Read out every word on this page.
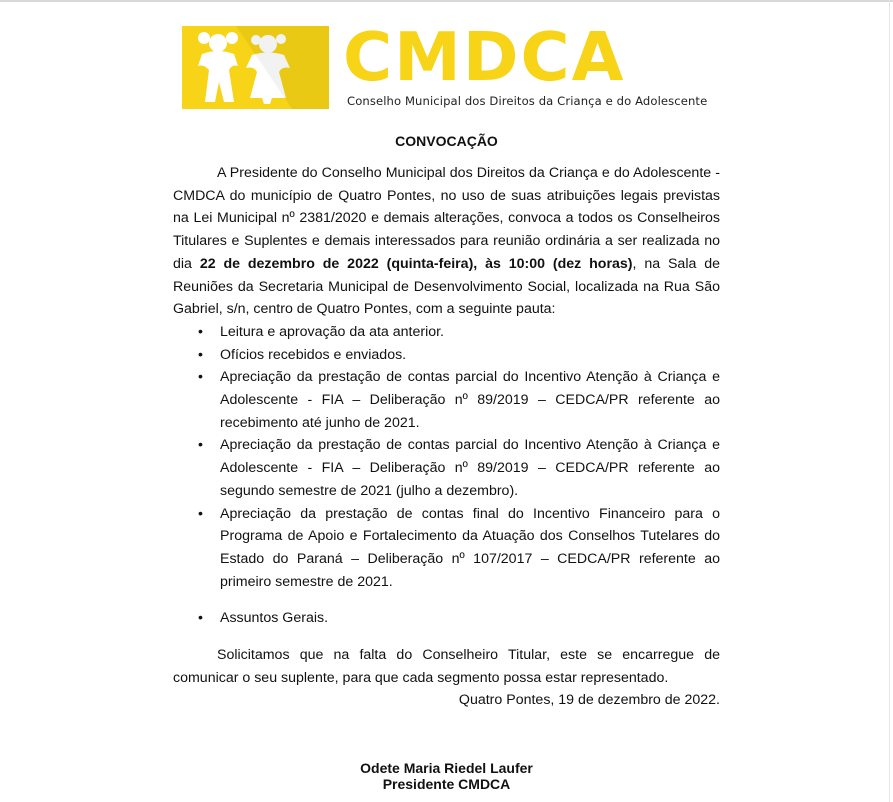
CMDCA
Conselho Municipal dos Direitos da Criança e do Adolescente
CONVOCAÇÃO

A Presidente do Conselho Municipal dos Direitos da Criança e do Adolescente - CMDCA do município de Quatro Pontes, no uso de suas atribuições legais previstas na Lei Municipal nº 2381/2020 e demais alterações, convoca a todos os Conselheiros Titulares e Suplentes e demais interessados para reunião ordinária a ser realizada no dia 22 de dezembro de 2022 (quinta-feira), às 10:00 (dez horas), na Sala de Reuniões da Secretaria Municipal de Desenvolvimento Social, localizada na Rua São Gabriel, s/n, centro de Quatro Pontes, com a seguinte pauta:

• Leitura e aprovação da ata anterior.
• Ofícios recebidos e enviados.
• Apreciação da prestação de contas parcial do Incentivo Atenção à Criança e Adolescente - FIA – Deliberação nº 89/2019 – CEDCA/PR referente ao recebimento até junho de 2021.
• Apreciação da prestação de contas parcial do Incentivo Atenção à Criança e Adolescente - FIA – Deliberação nº 89/2019 – CEDCA/PR referente ao segundo semestre de 2021 (julho a dezembro).
• Apreciação da prestação de contas final do Incentivo Financeiro para o Programa de Apoio e Fortalecimento da Atuação dos Conselhos Tutelares do Estado do Paraná – Deliberação nº 107/2017 – CEDCA/PR referente ao primeiro semestre de 2021.
• Assuntos Gerais.

Solicitamos que na falta do Conselheiro Titular, este se encarregue de comunicar o seu suplente, para que cada segmento possa estar representado.

Quatro Pontes, 19 de dezembro de 2022.

Odete Maria Riedel Laufer
Presidente CMDCA
